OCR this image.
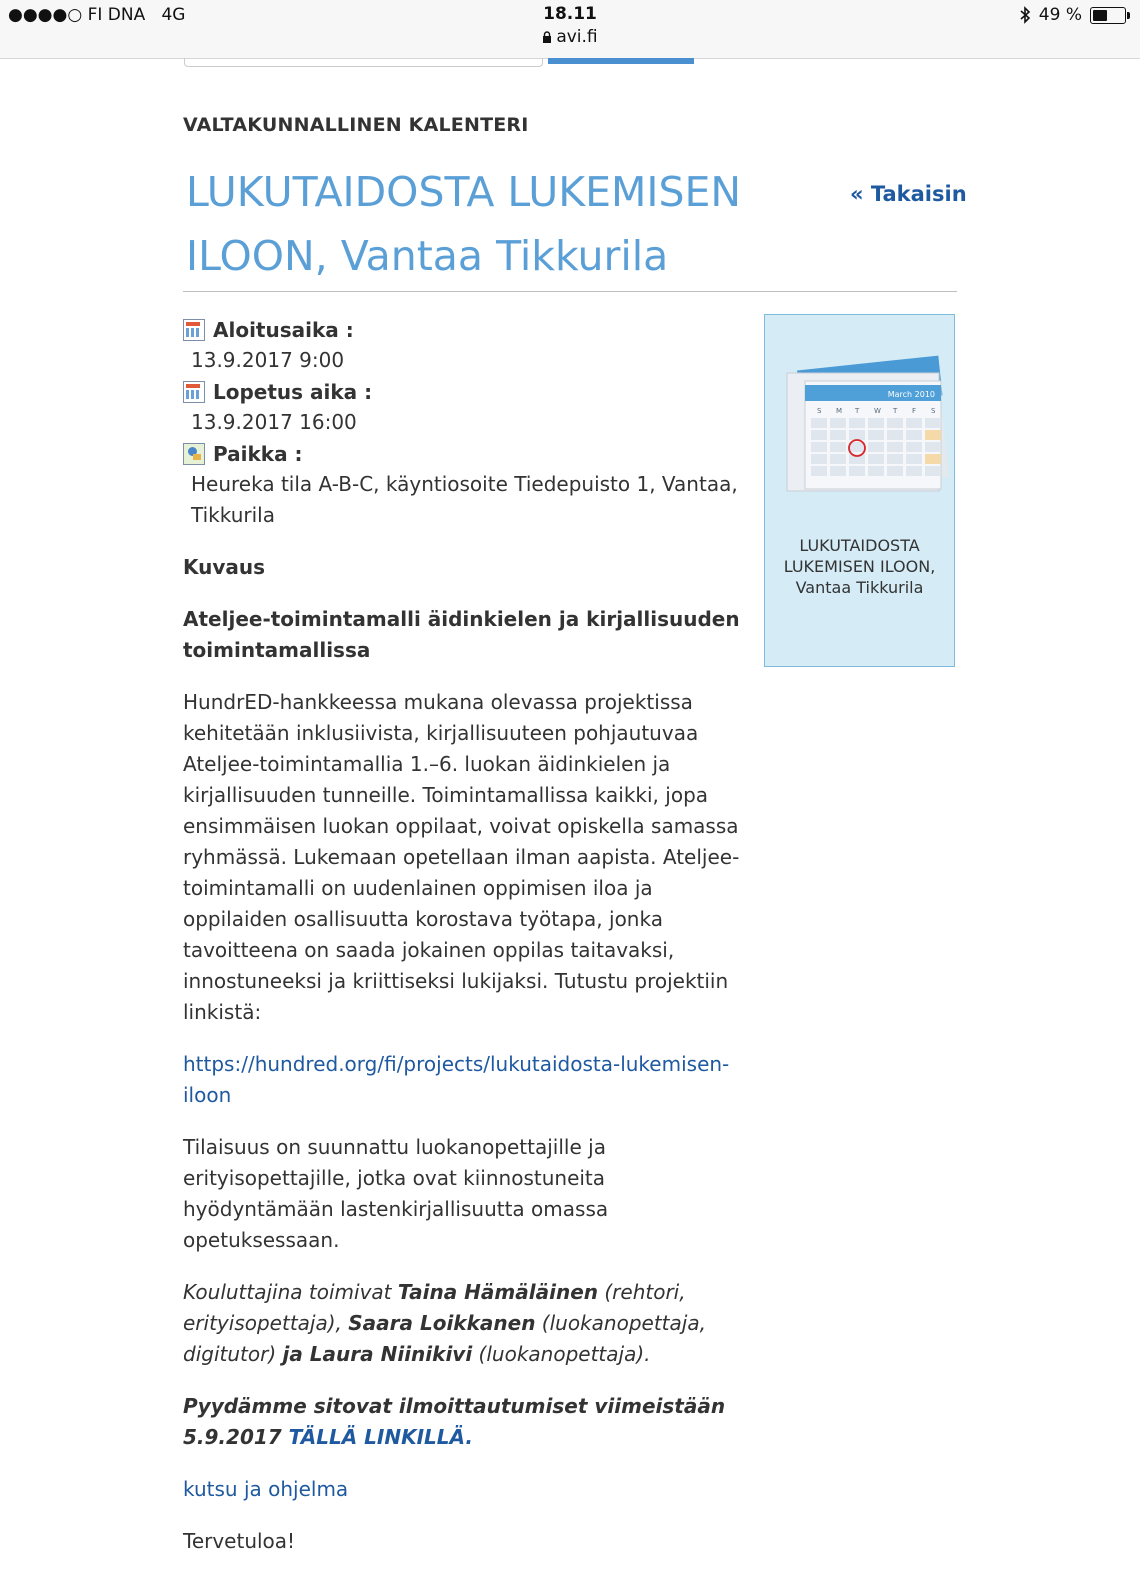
●●●●○ FI DNA 4G	18.11
avi.fi
49 %
VALTAKUNNALLINEN KALENTERI
LUKUTAIDOSTA LUKEMISEN ILOON, Vantaa Tikkurila
« Takaisin
Aloitusaika :
13.9.2017 9:00
Lopetus aika :
13.9.2017 16:00
Paikka :
Heureka tila A-B-C, käyntiosoite Tiedepuisto 1, Vantaa,
Tikkurila
March 2010
S M T W T F S
LUKUTAIDOSTA LUKEMISEN ILOON, Vantaa Tikkurila

Kuvaus

Ateljee-toimintamalli äidinkielen ja kirjallisuuden toimintamallissa

HundrED-hankkeessa mukana olevassa projektissa kehitetään inklusiivista, kirjallisuuteen pohjautuvaa Ateljee-toimintamallia 1.–6. luokan äidinkielen ja kirjallisuuden tunneille. Toimintamallissa kaikki, jopa ensimmäisen luokan oppilaat, voivat opiskella samassa ryhmässä. Lukemaan opetellaan ilman aapista. Ateljee-toimintamalli on uudenlainen oppimisen iloa ja oppilaiden osallisuutta korostava työtapa, jonka tavoitteena on saada jokainen oppilas taitavaksi, innostuneeksi ja kriittiseksi lukijaksi. Tutustu projektiin linkistä:

https://hundred.org/fi/projects/lukutaidosta-lukemisen-iloon

Tilaisuus on suunnattu luokanopettajille ja erityisopettajille, jotka ovat kiinnostuneita hyödyntämään lastenkirjallisuutta omassa opetuksessaan.

Kouluttajina toimivat Taina Hämäläinen (rehtori, erityisopettaja), Saara Loikkanen (luokanopettaja, digitutor) ja Laura Niinikivi (luokanopettaja).

Pyydämme sitovat ilmoittautumiset viimeistään 5.9.2017 TÄLLÄ LINKILLÄ.

kutsu ja ohjelma

Tervetuloa!
